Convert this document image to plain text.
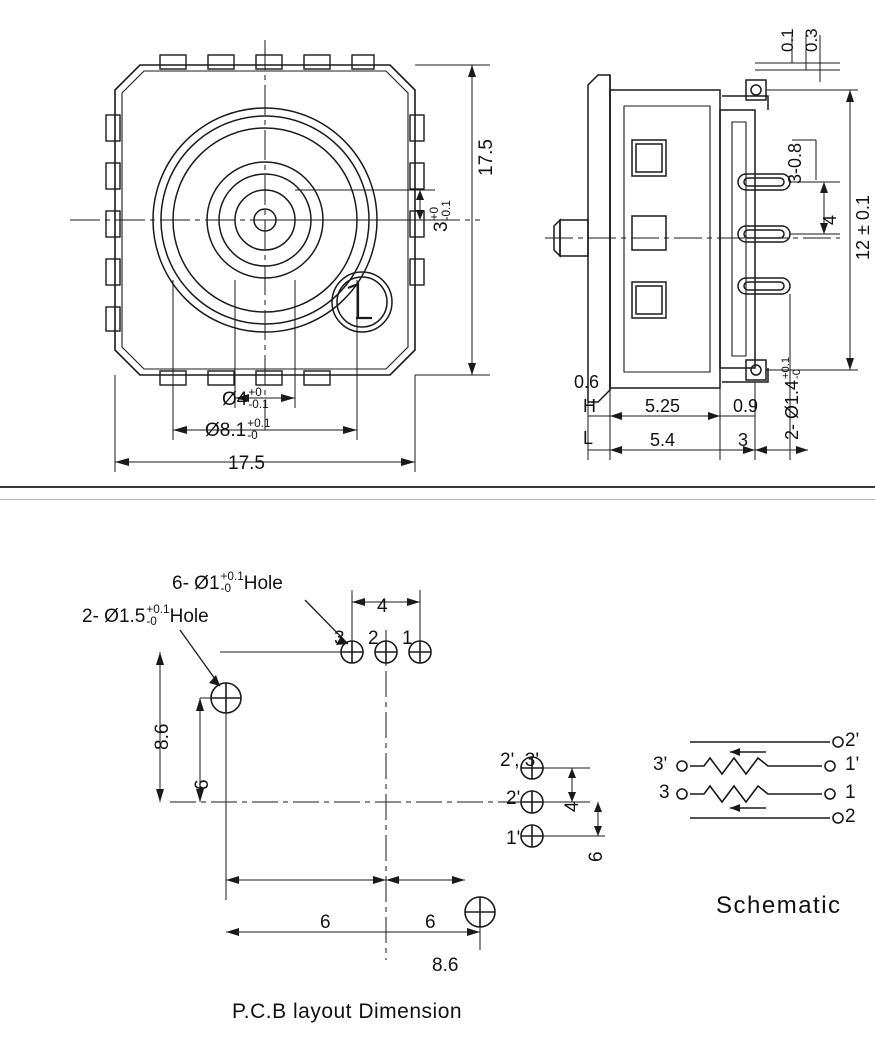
17.5
3
+0
-0.1
Ø4 +0
-0.1
Ø8.1 +0.1
-0
17.5
0.1 0.3
3-0.8
4 12 ± 0.1
2- Ø1.4
+0.1 -0
0.6
H
L
5.25	0.9
5.4	3
6- Ø1 +0.1
-0 Hole
2- Ø1.5 +0.1
-0 Hole	4
3 2 1
8.6
6
2', 3'
2'
1'
4
6
6	6
8.6
P.C.B layout Dimension
2'
1'
1
2
3'
3
Schematic
